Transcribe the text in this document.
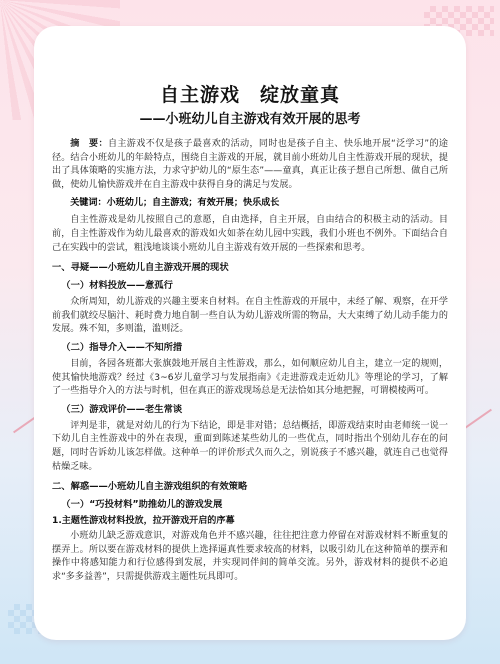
自主游戏　绽放童真
——小班幼儿自主游戏有效开展的思考

摘　要：自主游戏不仅是孩子最喜欢的活动，同时也是孩子自主、快乐地开展“泛学习”的途径。结合小班幼儿的年龄特点，围绕自主游戏的开展，就目前小班幼儿自主性游戏开展的现状，提出了具体策略的实施方法，力求守护幼儿的“原生态”——童真，真正让孩子想自己所想、做自己所做，使幼儿愉快游戏并在自主游戏中获得自身的满足与发展。

关键词：小班幼儿；自主游戏；有效开展；快乐成长

自主性游戏是幼儿按照自己的意愿，自由选择，自主开展，自由结合的积极主动的活动。目前，自主性游戏作为幼儿最喜欢的游戏如火如荼在幼儿园中实践，我们小班也不例外。下面结合自己在实践中的尝试，粗浅地谈谈小班幼儿自主游戏有效开展的一些探索和思考。

一、寻疑——小班幼儿自主游戏开展的现状
（一）材料投放——意孤行

众所周知，幼儿游戏的兴趣主要来自材料。在自主性游戏的开展中，未经了解、观察，在开学前我们就绞尽脑汁、耗时费力地自制一些自认为幼儿游戏所需的物品，大大束缚了幼儿动手能力的发展。殊不知，多则滥，滥则泛。

（二）指导介入——不知所措

目前，各园各班都大张旗鼓地开展自主性游戏，那么，如何顺应幼儿自主，建立一定的规则，使其愉快地游戏？经过《3~6岁儿童学习与发展指南》《走进游戏走近幼儿》等理论的学习，了解了一些指导介入的方法与时机，但在真正的游戏现场总是无法恰如其分地把握，可谓模棱两可。

（三）游戏评价——老生常谈

评判是非，就是对幼儿的行为下结论，即是非对错；总结概括，即游戏结束时由老师统一说一下幼儿自主性游戏中的外在表现，重面到陈述某些幼儿的一些优点，同时指出个别幼儿存在的问题，同时告诉幼儿该怎样做。这种单一的评价形式久而久之，别说孩子不感兴趣，就连自己也觉得枯燥乏味。

二、解惑——小班幼儿自主游戏组织的有效策略
（一）“巧投材料”助推幼儿的游戏发展
1.主题性游戏材料投放，拉开游戏开启的序幕

小班幼儿缺乏游戏意识，对游戏角色并不感兴趣，往往把注意力停留在对游戏材料不断重复的摆弄上。所以要在游戏材料的提供上选择逼真性要求较高的材料，以吸引幼儿在这种简单的摆弄和操作中将感知能力和行位感得到发展，并实现同伴间的简单交流。另外，游戏材料的提供不必追求“多多益善”，只需提供游戏主题性玩具即可。
